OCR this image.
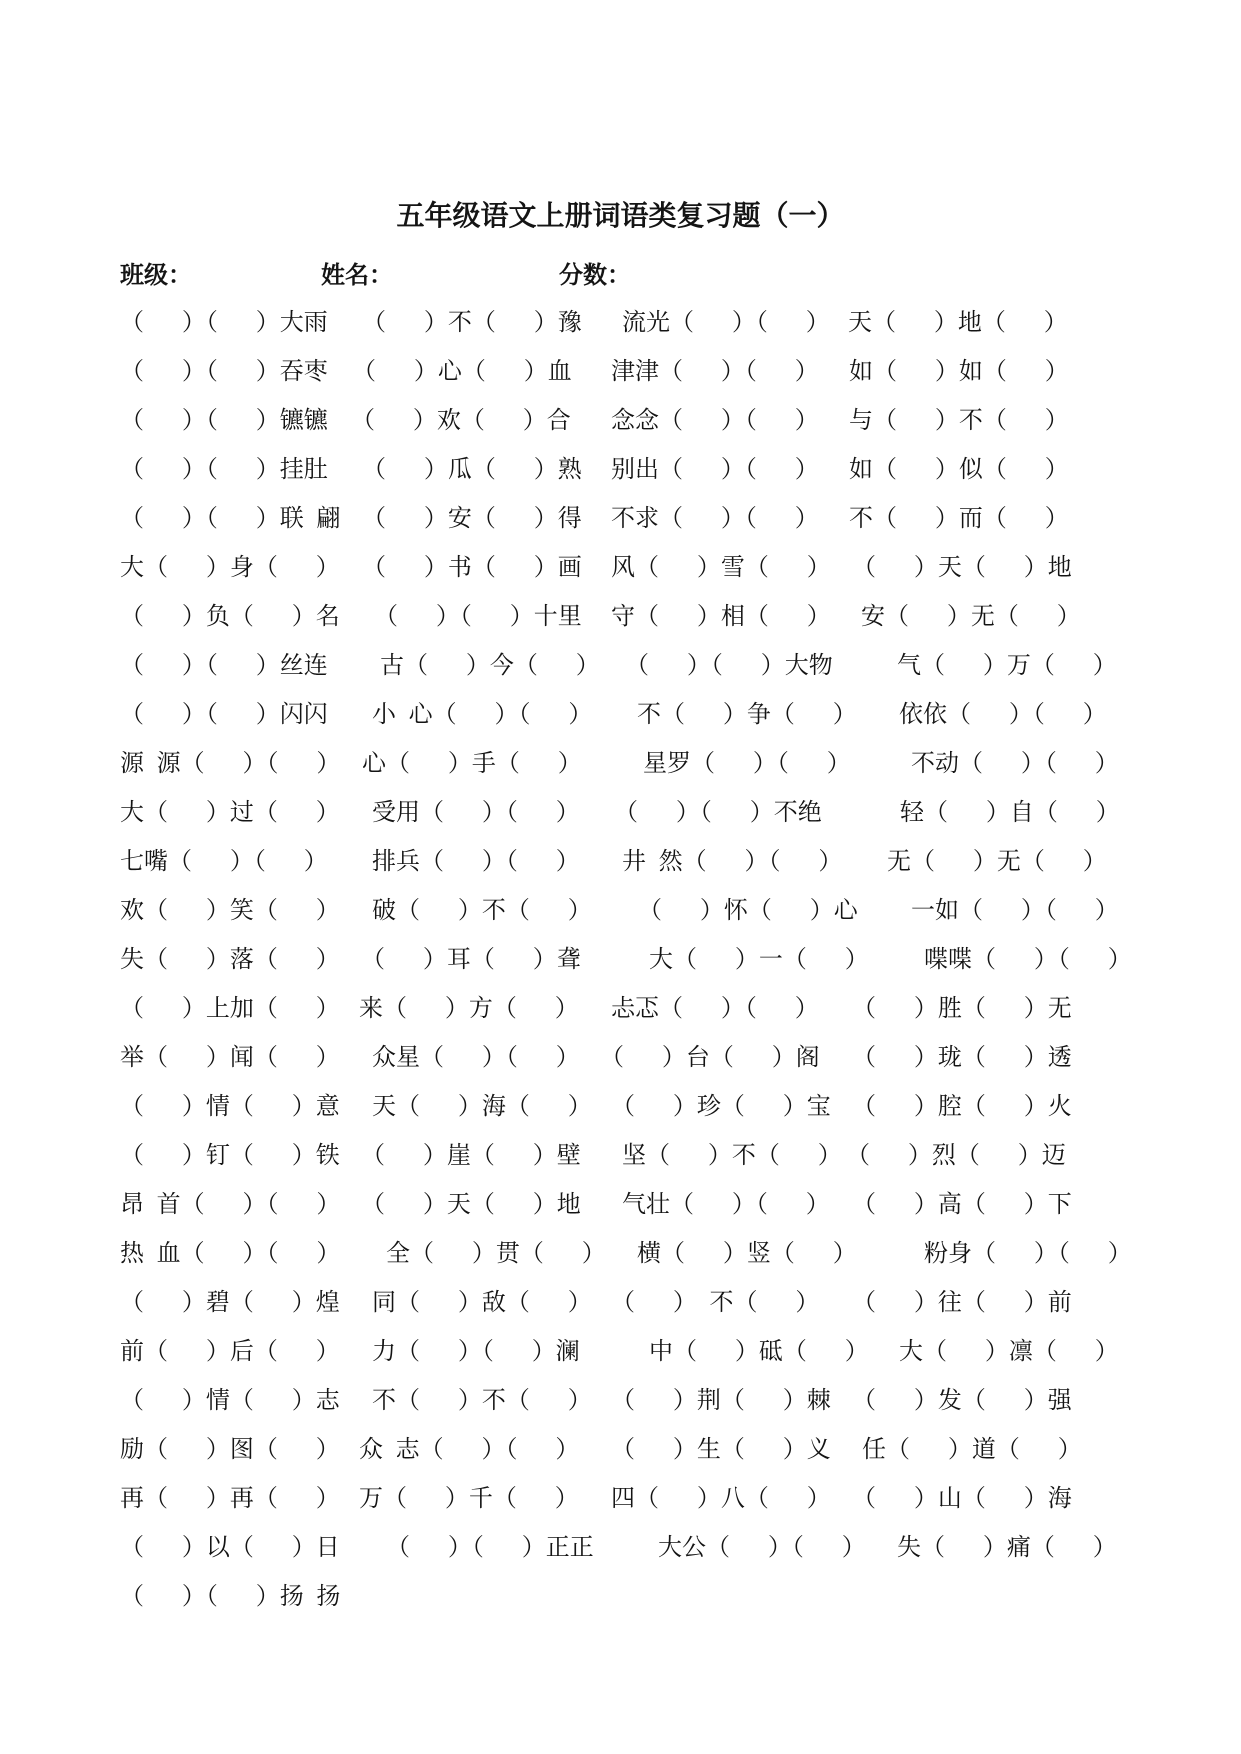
五年级语文上册词语类复习题（一）
班级：	姓名：	分数：
（   ）（   ）大雨 （   ）不（   ）豫 流光（   ）（   ） 天（   ）地（   ）
（   ）（   ）吞枣 （   ）心（   ）血 津津（   ）（   ） 如（   ）如（   ）
（   ）（   ）镳镳 （   ）欢（   ）合 念念（   ）（   ） 与（   ）不（   ）
（   ）（   ）挂肚 （   ）瓜（   ）熟 别出（   ）（   ） 如（   ）似（   ）
（   ）（   ）联 翩 （   ）安（   ）得 不求（   ）（   ） 不（   ）而（   ）
大（   ）身（   ） （   ）书（   ）画 风（   ）雪（   ） （   ）天（   ）地
（   ）负（   ）名 （   ）（   ）十里 守（   ）相（   ） 安（   ）无（   ）
（   ）（   ）丝连 古（   ）今（   ） （   ）（   ）大物	气（   ）万（   ）
（   ）（   ）闪闪 小 心（   ）（   ） 不（   ）争（   ） 依依（   ）（   ）
源 源（   ）（   ） 心（   ）手（   ）	星罗（   ）（   ）	不动（   ）（   ）
大（   ）过（   ） 受用（   ）（   ） （   ）（   ）不绝	轻（   ）自（   ）
七嘴（   ）（   ） 排兵（   ）（   ） 井 然（   ）（   ） 无（   ）无（   ）
欢（   ）笑（   ） 破（   ）不（   ） （   ）怀（   ）心 一如（   ）（   ）
失（   ）落（   ） （   ）耳（   ）聋	大（   ）一（   ） 喋喋（   ）（   ）
（   ）上加（   ） 来（   ）方（   ） 忐忑（   ）（   ） （   ）胜（   ）无
举（   ）闻（   ） 众星（   ）（   ） （   ）台（   ）阁 （   ）珑（   ）透
（   ）情（   ）意 天（   ）海（   ） （   ）珍（   ）宝 （   ）腔（   ）火
（   ）钉（   ）铁 （   ）崖（   ）壁 坚（   ）不（   ） （   ）烈（   ）迈
昂 首（   ）（   ） （   ）天（   ）地 气壮（   ）（   ） （   ）高（   ）下
热 血（   ）（   ） 全（   ）贯（   ） 横（   ）竖（   ）	粉身（   ）（   ）
（   ）碧（   ）煌 同（   ）敌（   ） （   ） 不（   ） （   ）往（   ）前
前（   ）后（   ） 力（   ）（   ）澜	中（   ）砥（   ） 大（   ）凛（   ）
（   ）情（   ）志 不（   ）不（   ） （   ）荆（   ）棘 （   ）发（   ）强
励（   ）图（   ） 众 志（   ）（   ） （   ）生（   ）义 任（   ）道（   ）
再（   ）再（   ） 万（   ）千（   ） 四（   ）八（   ） （   ）山（   ）海
（   ）以（   ）日 （   ）（   ）正正	大公（   ）（   ） 失（   ）痛（   ）
（   ）（   ）扬 扬
